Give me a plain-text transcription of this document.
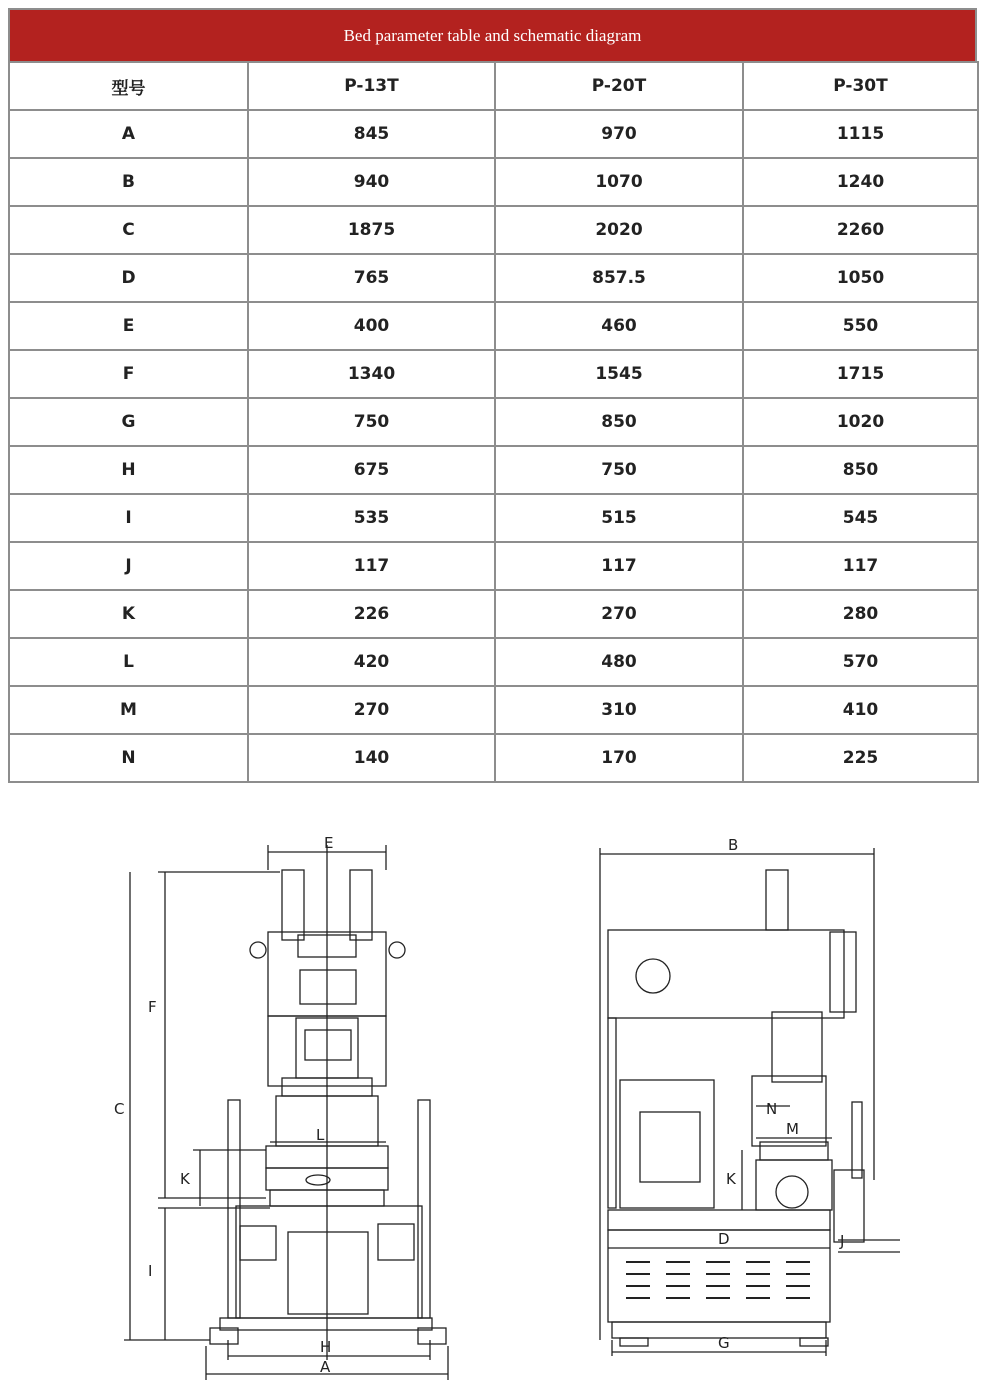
Bed parameter table and schematic diagram
型号	P-13T	P-20T	P-30T
A	845	970	1115
B	940	1070	1240
C	1875	2020	2260
D	765	857.5	1050
E	400	460	550
F	1340	1545	1715
G	750	850	1020
H	675	750	850
I	535	515	545
J	117	117	117
K	226	270	280
L	420	480	570
M	270	310	410
N	140	170	225
E
F
C
L
K
I
H
A
B
M
N
K
D	J
G
